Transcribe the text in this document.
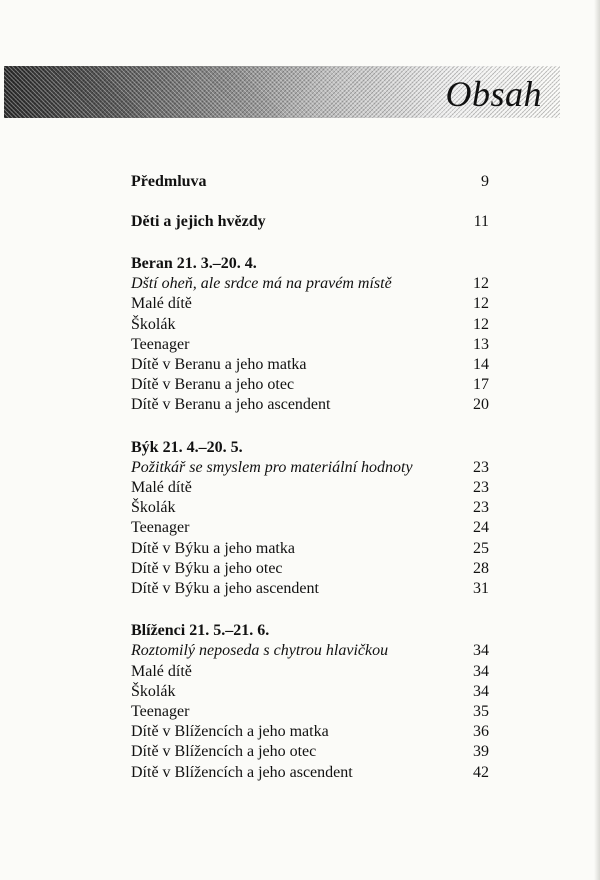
Obsah
Předmluva	9
Děti a jejich hvězdy	11
Beran 21. 3.–20. 4.
Dští oheň, ale srdce má na pravém místě	12
Malé dítě	12
Školák	12
Teenager	13
Dítě v Beranu a jeho matka	14
Dítě v Beranu a jeho otec	17
Dítě v Beranu a jeho ascendent	20
Býk 21. 4.–20. 5.
Požitkář se smyslem pro materiální hodnoty	23
Malé dítě	23
Školák	23
Teenager	24
Dítě v Býku a jeho matka	25
Dítě v Býku a jeho otec	28
Dítě v Býku a jeho ascendent	31
Blíženci 21. 5.–21. 6.
Roztomilý neposeda s chytrou hlavičkou	34
Malé dítě	34
Školák	34
Teenager	35
Dítě v Blížencích a jeho matka	36
Dítě v Blížencích a jeho otec	39
Dítě v Blížencích a jeho ascendent	42
